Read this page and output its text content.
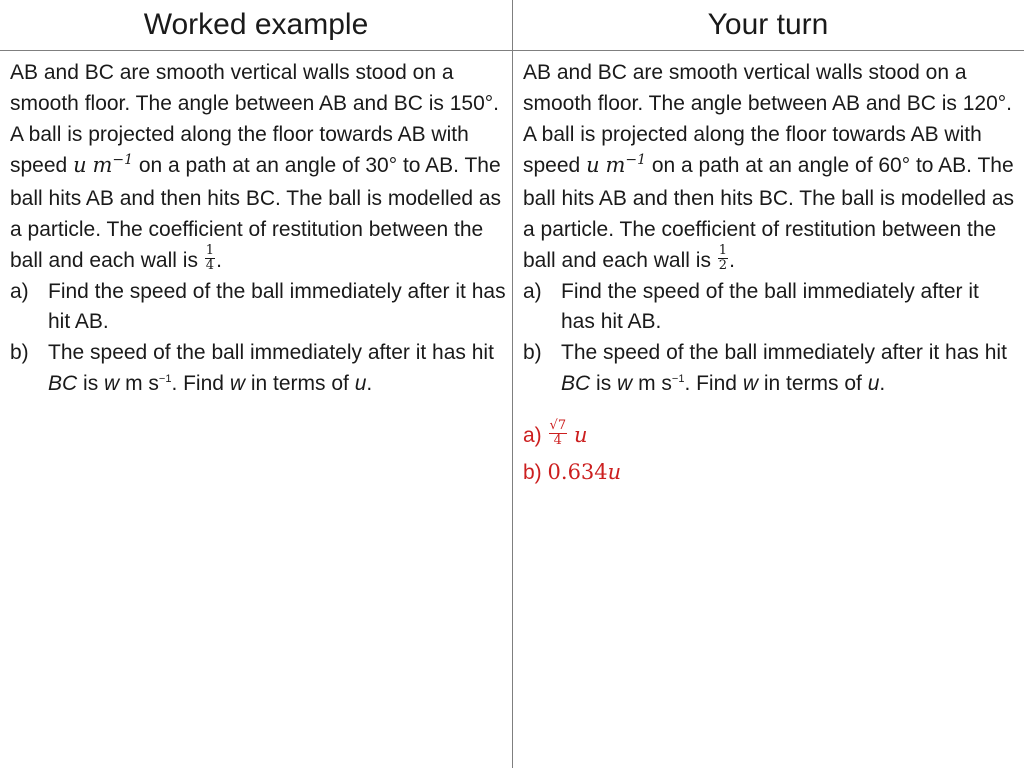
Worked example
AB and BC are smooth vertical walls stood on a smooth floor. The angle between AB and BC is 150°. A ball is projected along the floor towards AB with speed u $m^{-1}$ on a path at an angle of 30° to AB. The ball hits AB and then hits BC. The ball is modelled as a particle. The coefficient of restitution between the ball and each wall is $\frac{1}{4}$ .
a) Find the speed of the ball immediately after it has hit AB.
b) The speed of the ball immediately after it has hit BC is w m $s^{-1}$. Find w in terms of u.
Your turn
AB and BC are smooth vertical walls stood on a smooth floor. The angle between AB and BC is 120°. A ball is projected along the floor towards AB with speed u $m^{-1}$ on a path at an angle of 60° to AB. The ball hits AB and then hits BC. The ball is modelled as a particle. The coefficient of restitution between the ball and each wall is $\frac{1}{2}$ .
a) Find the speed of the ball immediately after it has hit AB.
b) The speed of the ball immediately after it has hit BC is w m $s^{-1}$. Find w in terms of u.
$a) \frac{√7}{4}$ u
b) 0.634u
